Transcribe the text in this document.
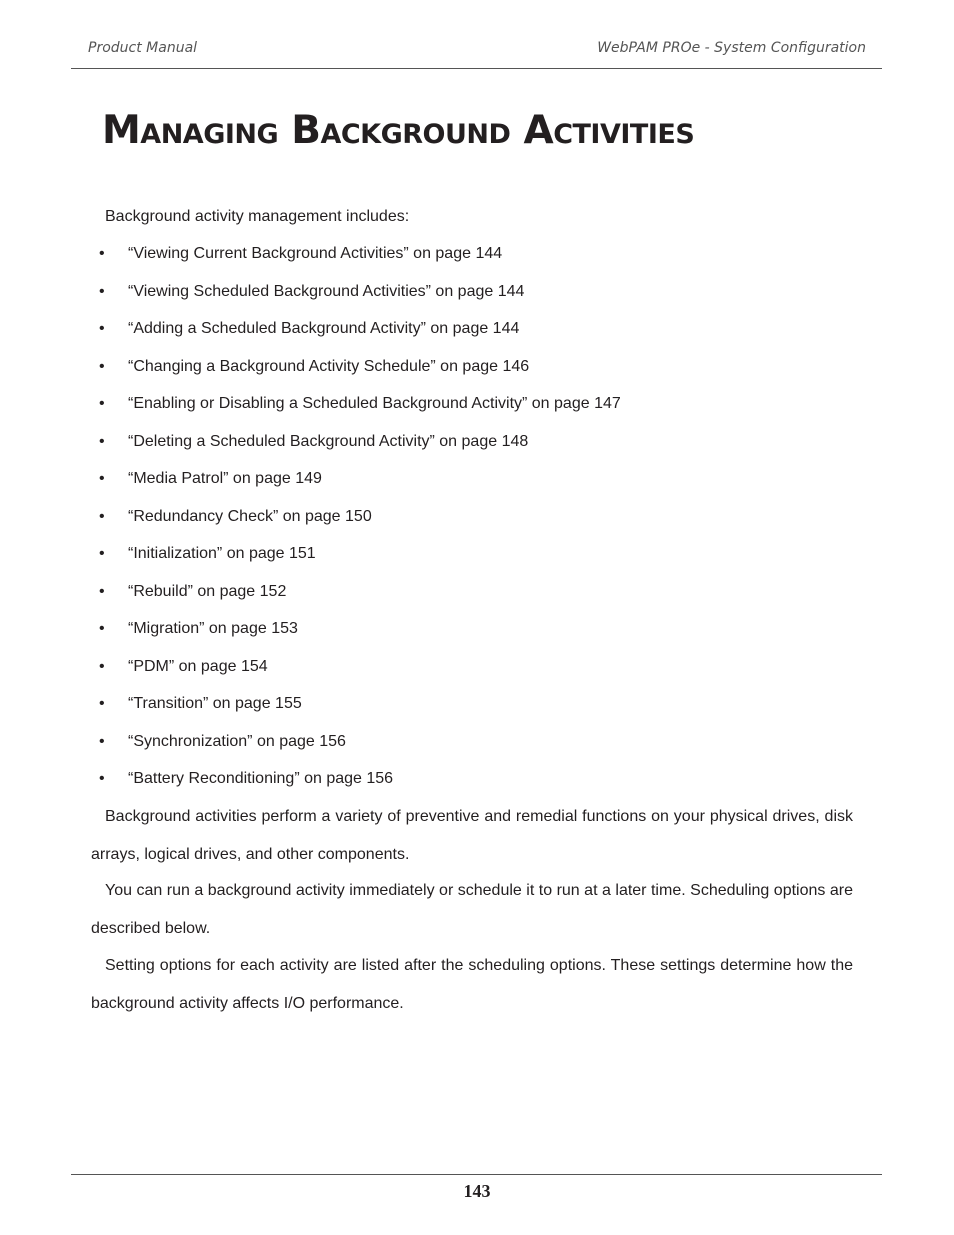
Product Manual	WebPAM PROe - System Configuration
Managing Background Activities

Background activity management includes:

• “Viewing Current Background Activities” on page 144
• “Viewing Scheduled Background Activities” on page 144
• “Adding a Scheduled Background Activity” on page 144
• “Changing a Background Activity Schedule” on page 146
• “Enabling or Disabling a Scheduled Background Activity” on page 147
• “Deleting a Scheduled Background Activity” on page 148
• “Media Patrol” on page 149
• “Redundancy Check” on page 150
• “Initialization” on page 151
• “Rebuild” on page 152
• “Migration” on page 153
• “PDM” on page 154
• “Transition” on page 155
• “Synchronization” on page 156
• “Battery Reconditioning” on page 156

Background activities perform a variety of preventive and remedial functions on your physical drives, disk arrays, logical drives, and other components.

You can run a background activity immediately or schedule it to run at a later time. Scheduling options are described below.

Setting options for each activity are listed after the scheduling options. These settings determine how the background activity affects I/O performance.

143
